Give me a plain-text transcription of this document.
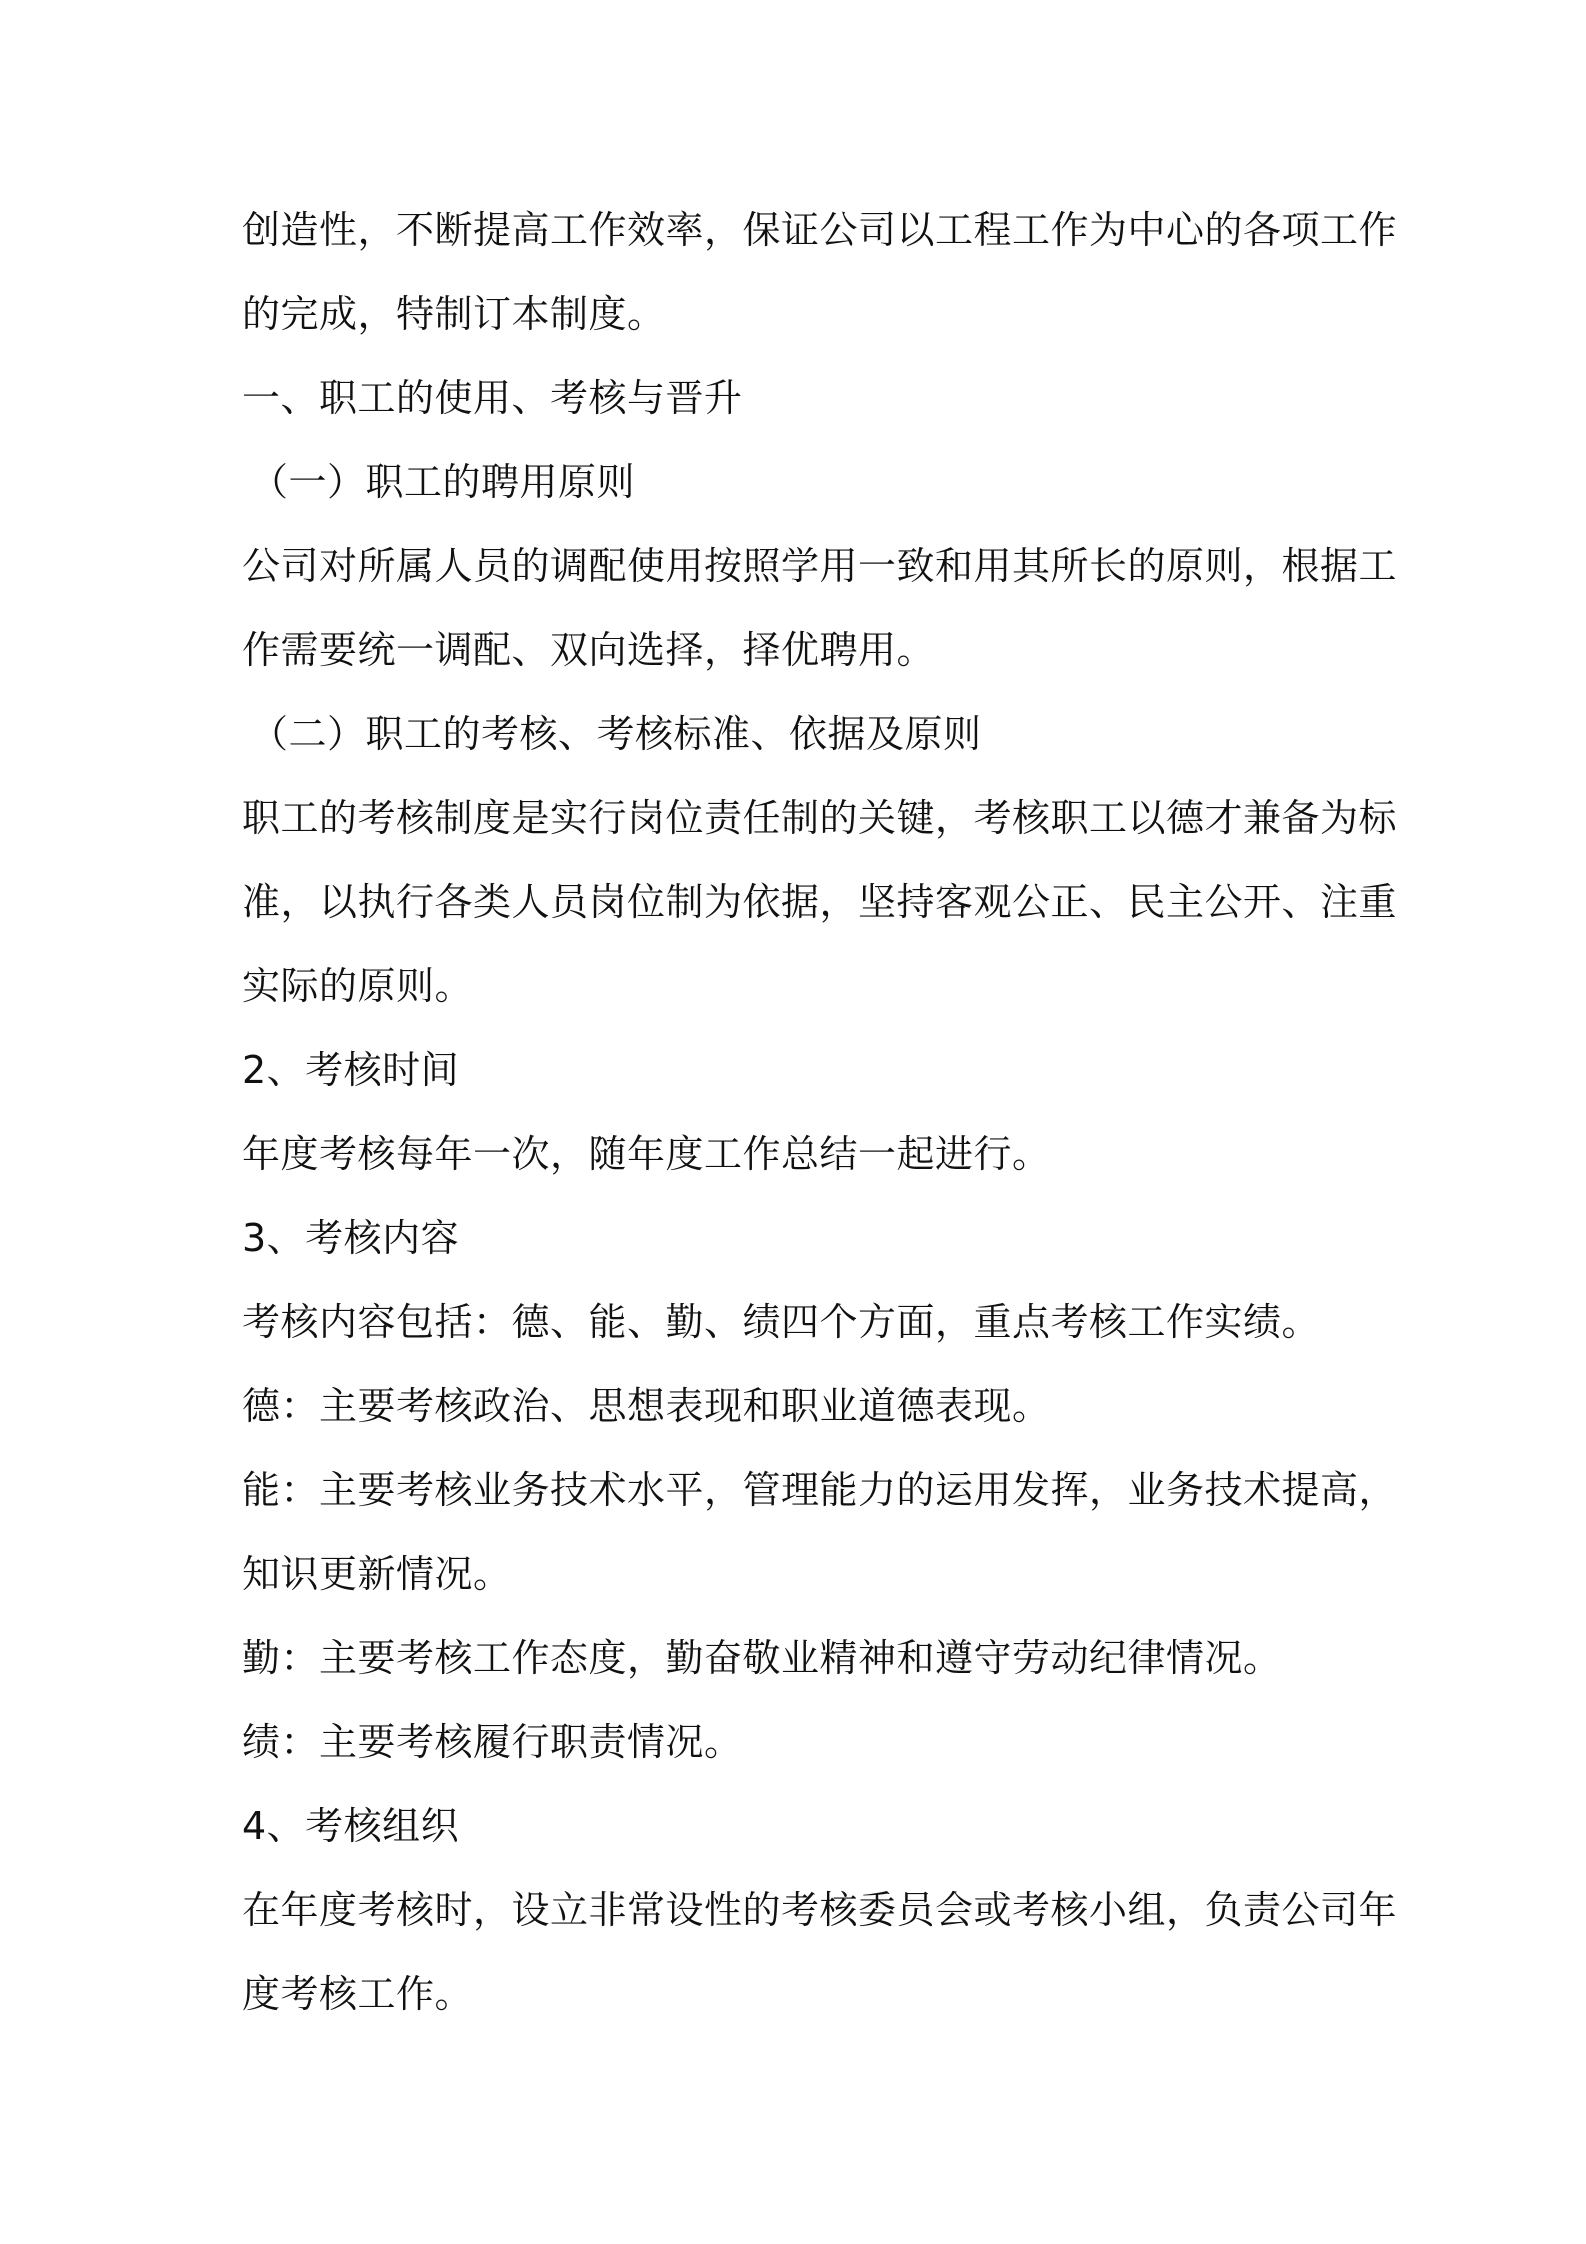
创造性，不断提高工作效率，保证公司以工程工作为中心的各项工作

的完成，特制订本制度。

一、职工的使用、考核与晋升

（一）职工的聘用原则

公司对所属人员的调配使用按照学用一致和用其所长的原则，根据工

作需要统一调配、双向选择，择优聘用。

（二）职工的考核、考核标准、依据及原则

职工的考核制度是实行岗位责任制的关键，考核职工以德才兼备为标

准，以执行各类人员岗位制为依据，坚持客观公正、民主公开、注重

实际的原则。

2、考核时间

年度考核每年一次，随年度工作总结一起进行。

3、考核内容

考核内容包括：德、能、勤、绩四个方面，重点考核工作实绩。

德：主要考核政治、思想表现和职业道德表现。

能：主要考核业务技术水平，管理能力的运用发挥，业务技术提高，

知识更新情况。

勤：主要考核工作态度，勤奋敬业精神和遵守劳动纪律情况。

绩：主要考核履行职责情况。

4、考核组织

在年度考核时，设立非常设性的考核委员会或考核小组，负责公司年

度考核工作。
